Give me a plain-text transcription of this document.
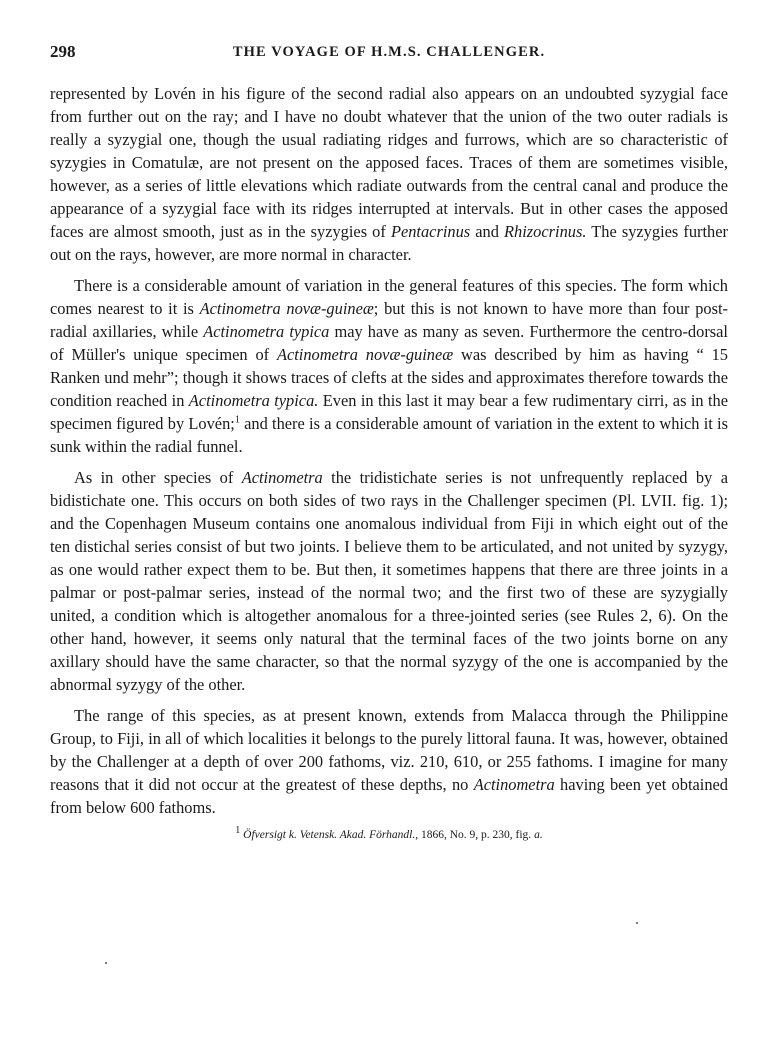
298	THE VOYAGE OF H.M.S. CHALLENGER.

represented by Lovén in his figure of the second radial also appears on an undoubted syzygial face from further out on the ray; and I have no doubt whatever that the union of the two outer radials is really a syzygial one, though the usual radiating ridges and furrows, which are so characteristic of syzygies in Comatulæ, are not present on the apposed faces. Traces of them are sometimes visible, however, as a series of little elevations which radiate outwards from the central canal and produce the appearance of a syzygial face with its ridges interrupted at intervals. But in other cases the apposed faces are almost smooth, just as in the syzygies of Pentacrinus and Rhizocrinus. The syzygies further out on the rays, however, are more normal in character.

There is a considerable amount of variation in the general features of this species. The form which comes nearest to it is Actinometra novæ-guineæ; but this is not known to have more than four post-radial axillaries, while Actinometra typica may have as many as seven. Furthermore the centro-dorsal of Müller's unique specimen of Actinometra novæ-guineæ was described by him as having “ 15 Ranken und mehr”; though it shows traces of clefts at the sides and approximates therefore towards the condition reached in Actinometra typica. Even in this last it may bear a few rudimentary cirri, as in the specimen figured by Lovén;$^1$ and there is a considerable amount of variation in the extent to which it is sunk within the radial funnel.

As in other species of Actinometra the tridistichate series is not unfrequently replaced by a bidistichate one. This occurs on both sides of two rays in the Challenger specimen (Pl. LVII. fig. 1); and the Copenhagen Museum contains one anomalous individual from Fiji in which eight out of the ten distichal series consist of but two joints. I believe them to be articulated, and not united by syzygy, as one would rather expect them to be. But then, it sometimes happens that there are three joints in a palmar or post-palmar series, instead of the normal two; and the first two of these are syzygially united, a condition which is altogether anomalous for a three-jointed series (see Rules 2, 6). On the other hand, however, it seems only natural that the terminal faces of the two joints borne on any axillary should have the same character, so that the normal syzygy of the one is accompanied by the abnormal syzygy of the other.

The range of this species, as at present known, extends from Malacca through the Philippine Group, to Fiji, in all of which localities it belongs to the purely littoral fauna. It was, however, obtained by the Challenger at a depth of over 200 fathoms, viz. 210, 610, or 255 fathoms. I imagine for many reasons that it did not occur at the greatest of these depths, no Actinometra having been yet obtained from below 600 fathoms.

$^1$ Öfversigt k. Vetensk. Akad. Förhandl., 1866, No. 9, p. 230, fig. a.
